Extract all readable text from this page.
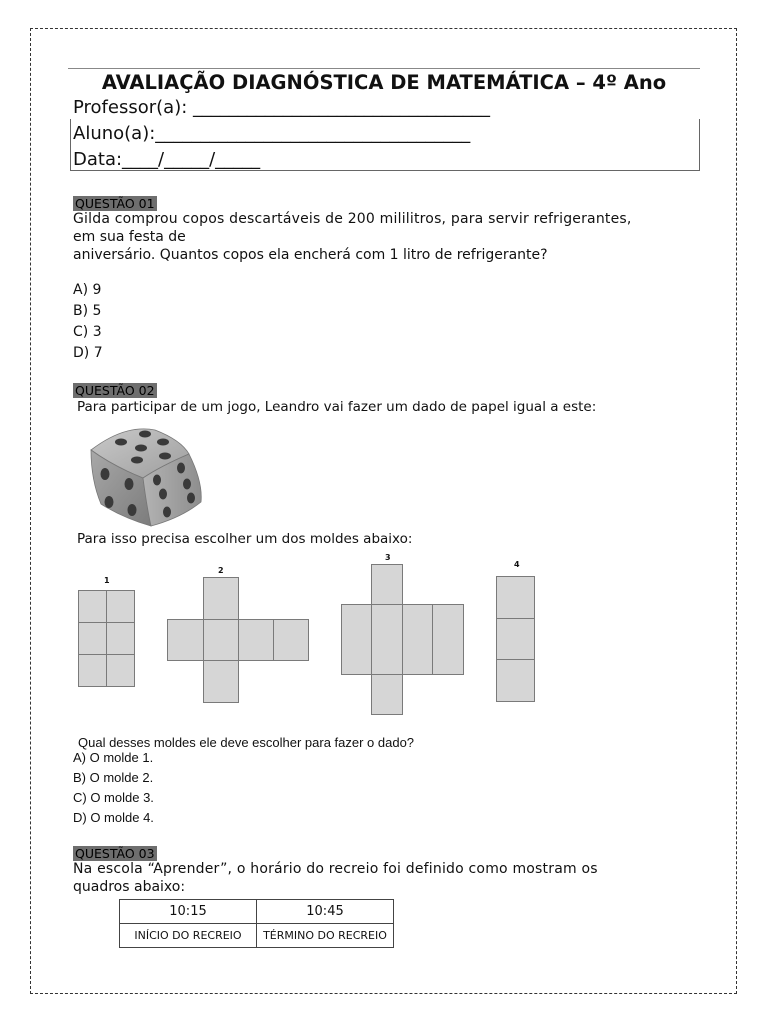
AVALIAÇÃO DIAGNÓSTICA DE MATEMÁTICA – 4º Ano
Professor(a): _________________________________
Aluno(a):___________________________________
Data:____/_____/_____
QUESTÃO 01
Gilda comprou copos descartáveis de 200 mililitros, para servir refrigerantes,
em sua festa de
aniversário. Quantos copos ela encherá com 1 litro de refrigerante?
A) 9
B) 5
C) 3
D) 7
QUESTÃO 02
Para participar de um jogo, Leandro vai fazer um dado de papel igual a este:
Para isso precisa escolher um dos moldes abaixo:
1
2
3
4
Qual desses moldes ele deve escolher para fazer o dado?
A) O molde 1.
B) O molde 2.
C) O molde 3.
D) O molde 4.
QUESTÃO 03
Na escola “Aprender”, o horário do recreio foi definido como mostram os
quadros abaixo:
10:15	10:45
INÍCIO DO RECREIO	TÉRMINO DO RECREIO
